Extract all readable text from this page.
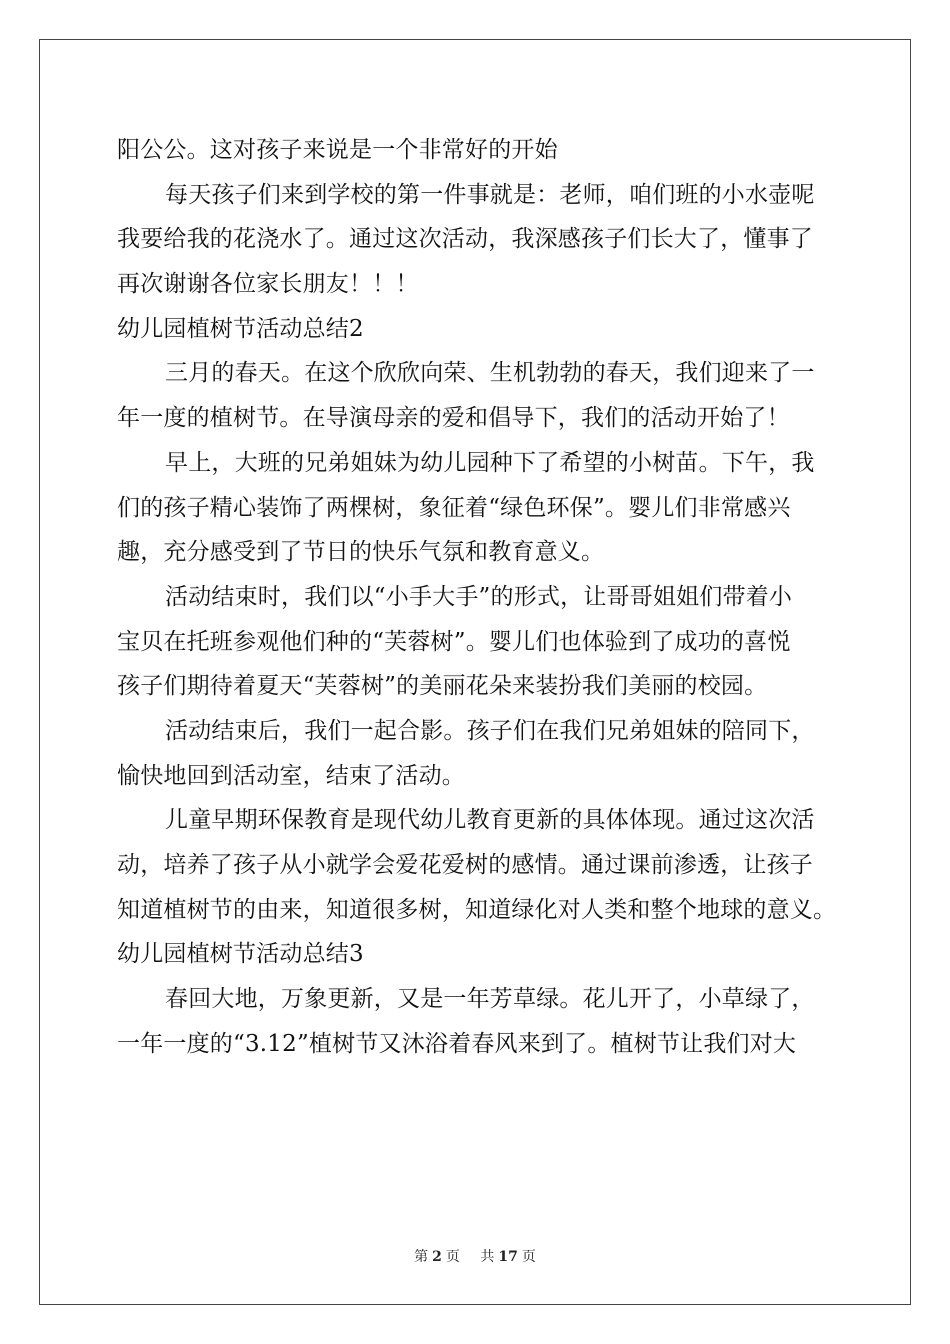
阳公公。这对孩子来说是一个非常好的开始
每天孩子们来到学校的第一件事就是：老师，咱们班的小水壶呢
我要给我的花浇水了。通过这次活动，我深感孩子们长大了，懂事了
再次谢谢各位家长朋友！！！
幼儿园植树节活动总结2
三月的春天。在这个欣欣向荣、生机勃勃的春天，我们迎来了一
年一度的植树节。在导演母亲的爱和倡导下，我们的活动开始了！
早上，大班的兄弟姐妹为幼儿园种下了希望的小树苗。下午，我
们的孩子精心装饰了两棵树，象征着“绿色环保”。婴儿们非常感兴
趣，充分感受到了节日的快乐气氛和教育意义。
活动结束时，我们以“小手大手”的形式，让哥哥姐姐们带着小
宝贝在托班参观他们种的“芙蓉树”。婴儿们也体验到了成功的喜悦
孩子们期待着夏天“芙蓉树”的美丽花朵来装扮我们美丽的校园。
活动结束后，我们一起合影。孩子们在我们兄弟姐妹的陪同下，
愉快地回到活动室，结束了活动。
儿童早期环保教育是现代幼儿教育更新的具体体现。通过这次活
动，培养了孩子从小就学会爱花爱树的感情。通过课前渗透，让孩子
知道植树节的由来，知道很多树，知道绿化对人类和整个地球的意义。
幼儿园植树节活动总结3
春回大地，万象更新，又是一年芳草绿。花儿开了，小草绿了，
一年一度的“3.12”植树节又沐浴着春风来到了。植树节让我们对大
第 2 页 共 17 页
